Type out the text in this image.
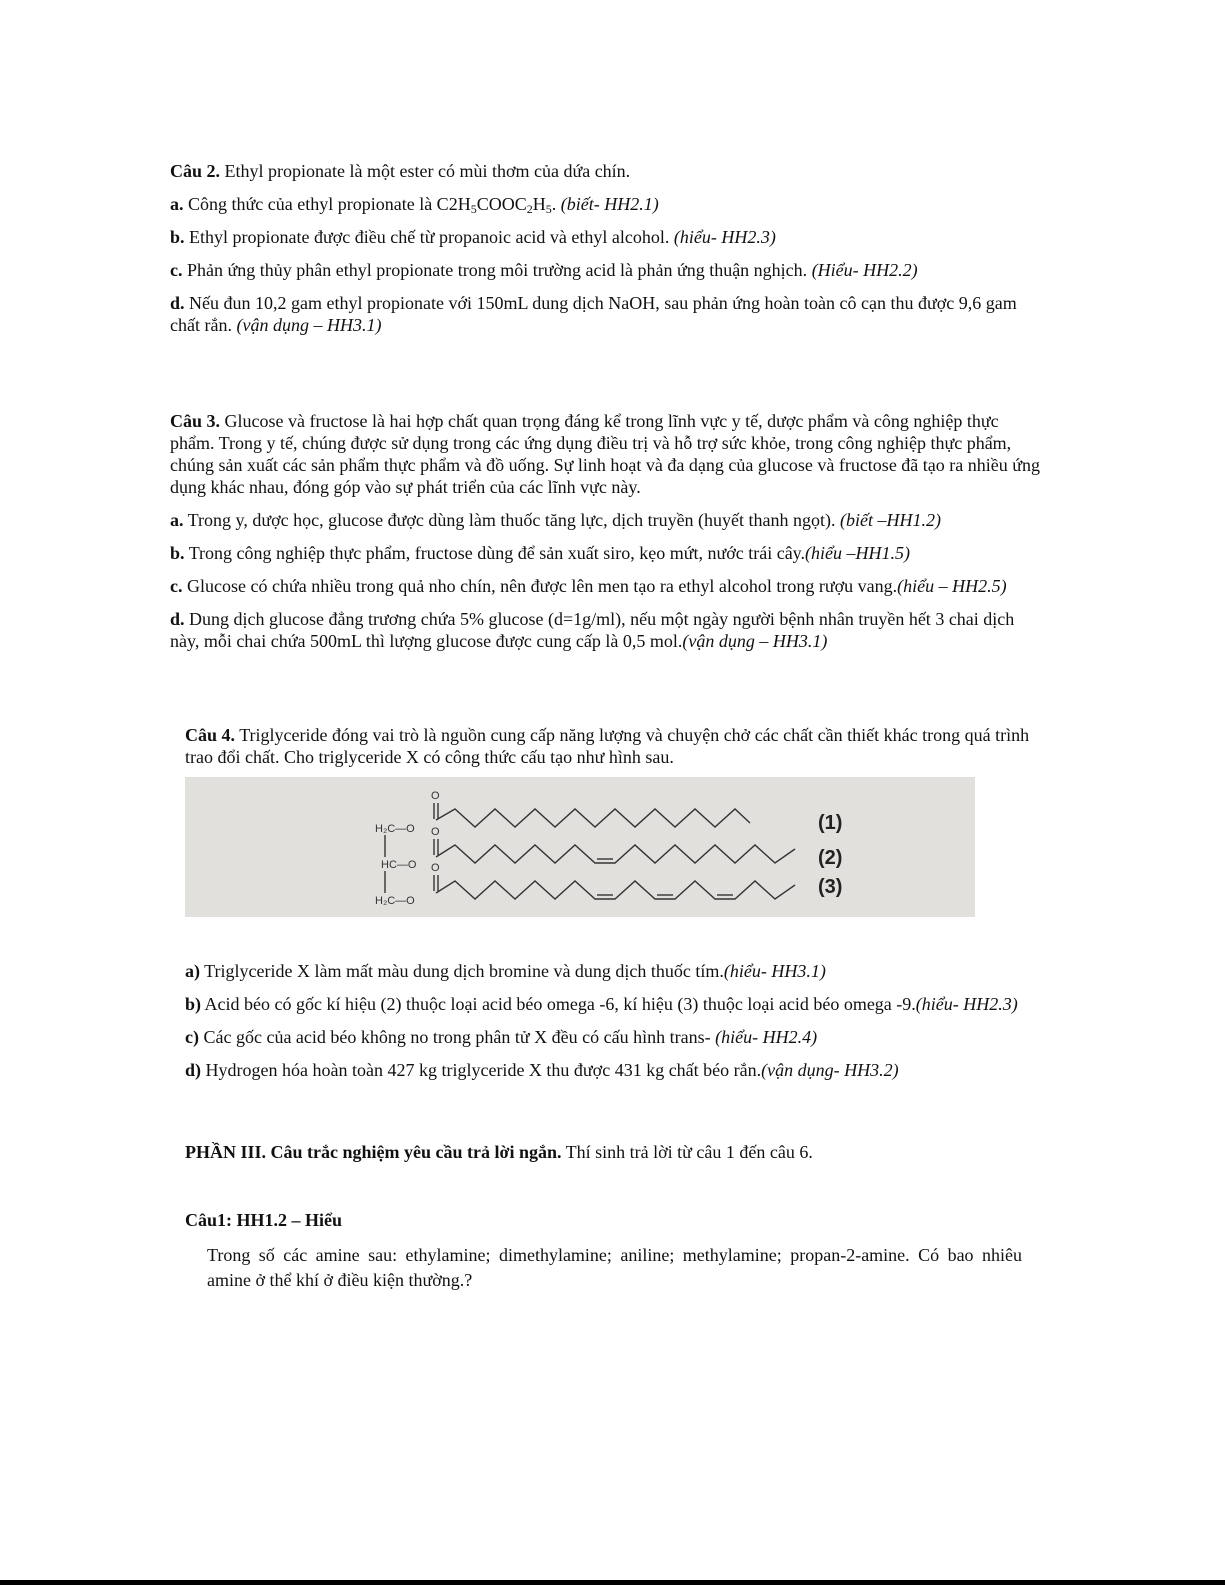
Câu 2. Ethyl propionate là một ester có mùi thơm của dứa chín.

a. Công thức của ethyl propionate là $C2H_5COOC_2H_5$. (biết- HH2.1)

b. Ethyl propionate được điều chế từ propanoic acid và ethyl alcohol. (hiểu- HH2.3)

c. Phản ứng thủy phân ethyl propionate trong môi trường acid là phản ứng thuận nghịch. (Hiểu- HH2.2)

d. Nếu đun 10,2 gam ethyl propionate với 150mL dung dịch NaOH, sau phản ứng hoàn toàn cô cạn thu được 9,6 gam chất rắn. (vận dụng – HH3.1)

Câu 3. Glucose và fructose là hai hợp chất quan trọng đáng kể trong lĩnh vực y tế, dược phẩm và công nghiệp thực phẩm. Trong y tế, chúng được sử dụng trong các ứng dụng điều trị và hỗ trợ sức khỏe, trong công nghiệp thực phẩm, chúng sản xuất các sản phẩm thực phẩm và đồ uống. Sự linh hoạt và đa dạng của glucose và fructose đã tạo ra nhiều ứng dụng khác nhau, đóng góp vào sự phát triển của các lĩnh vực này.

a. Trong y, dược học, glucose được dùng làm thuốc tăng lực, dịch truyền (huyết thanh ngọt). (biết –HH1.2)

b. Trong công nghiệp thực phẩm, fructose dùng để sản xuất siro, kẹo mứt, nước trái cây.(hiểu –HH1.5)

c. Glucose có chứa nhiều trong quả nho chín, nên được lên men tạo ra ethyl alcohol trong rượu vang.(hiểu – HH2.5)

d. Dung dịch glucose đẳng trương chứa 5% glucose (d=1g/ml), nếu một ngày người bệnh nhân truyền hết 3 chai dịch này, mỗi chai chứa 500mL thì lượng glucose được cung cấp là 0,5 mol.(vận dụng – HH3.1)

Câu 4. Triglyceride đóng vai trò là nguồn cung cấp năng lượng và chuyện chở các chất cần thiết khác trong quá trình trao đổi chất. Cho triglyceride X có công thức cấu tạo như hình sau.

H₂C—O
HC—O
H₂C—O
O
O
O
(1)
(2)
(3)

a) Triglyceride X làm mất màu dung dịch bromine và dung dịch thuốc tím.(hiểu- HH3.1)

b) Acid béo có gốc kí hiệu (2) thuộc loại acid béo omega -6, kí hiệu (3) thuộc loại acid béo omega -9.(hiểu- HH2.3)

c) Các gốc của acid béo không no trong phân tử X đều có cấu hình trans- (hiểu- HH2.4)

d) Hydrogen hóa hoàn toàn 427 kg triglyceride X thu được 431 kg chất béo rắn.(vận dụng- HH3.2)

PHẦN III. Câu trắc nghiệm yêu cầu trả lời ngắn. Thí sinh trả lời từ câu 1 đến câu 6.

Câu1: HH1.2 – Hiểu

Trong số các amine sau: ethylamine; dimethylamine; aniline; methylamine; propan-2-amine. Có bao nhiêu amine ở thể khí ở điều kiện thường.?
